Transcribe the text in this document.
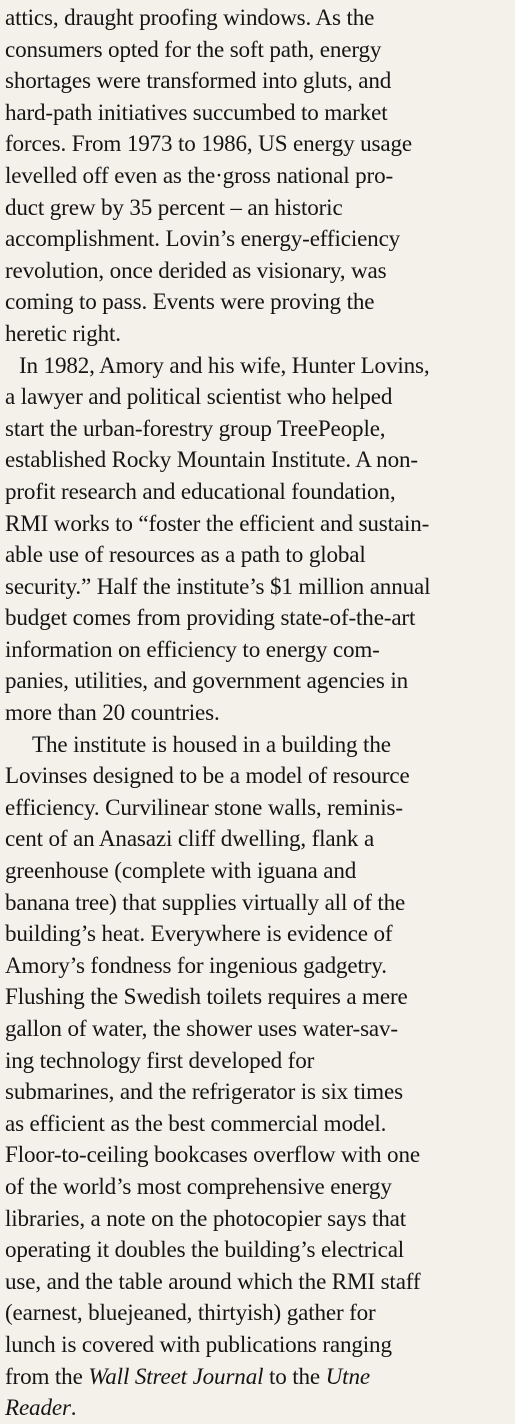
attics, draught proofing windows. As the
consumers opted for the soft path, energy
shortages were transformed into gluts, and
hard-path initiatives succumbed to market
forces. From 1973 to 1986, US energy usage
levelled off even as the·gross national pro-
duct grew by 35 percent – an historic
accomplishment. Lovin’s energy-efficiency
revolution, once derided as visionary, was
coming to pass. Events were proving the
heretic right.
In 1982, Amory and his wife, Hunter Lovins,
a lawyer and political scientist who helped
start the urban-forestry group TreePeople,
established Rocky Mountain Institute. A non-
profit research and educational foundation,
RMI works to “foster the efficient and sustain-
able use of resources as a path to global
security.” Half the institute’s $1 million annual
budget comes from providing state-of-the-art
information on efficiency to energy com-
panies, utilities, and government agencies in
more than 20 countries.
The institute is housed in a building the
Lovinses designed to be a model of resource
efficiency. Curvilinear stone walls, reminis-
cent of an Anasazi cliff dwelling, flank a
greenhouse (complete with iguana and
banana tree) that supplies virtually all of the
building’s heat. Everywhere is evidence of
Amory’s fondness for ingenious gadgetry.
Flushing the Swedish toilets requires a mere
gallon of water, the shower uses water-sav-
ing technology first developed for
submarines, and the refrigerator is six times
as efficient as the best commercial model.
Floor-to-ceiling bookcases overflow with one
of the world’s most comprehensive energy
libraries, a note on the photocopier says that
operating it doubles the building’s electrical
use, and the table around which the RMI staff
(earnest, bluejeaned, thirtyish) gather for
lunch is covered with publications ranging
from the Wall Street Journal to the Utne
Reader.
